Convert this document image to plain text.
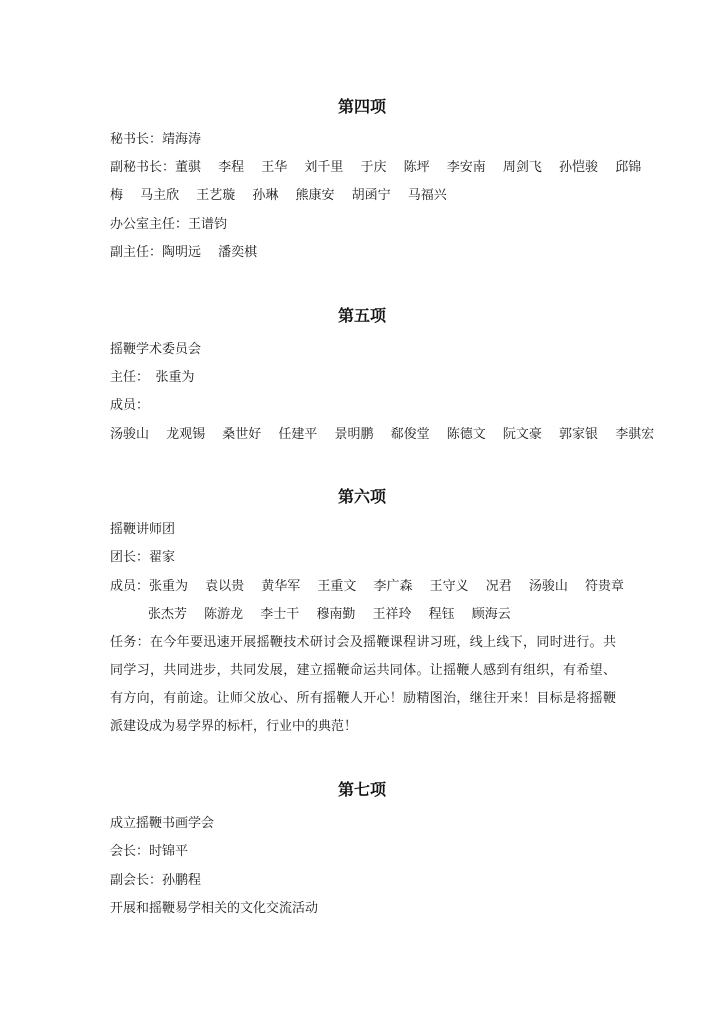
第四项
秘书长：靖海涛
副秘书长：董骐　 李程　 王华　 刘千里　 于庆　 陈坪　 李安南　 周剑飞　 孙恺骏　 邱锦
梅　 马主欣　 王艺璇　 孙琳　 熊康安　 胡函宁　 马福兴
办公室主任：王谱钧
副主任：陶明远　 潘奕棋
第五项
摇鞭学术委员会
主任：　张重为
成员：
汤骏山　 龙观锡　 桑世好　 任建平　 景明鹏　 郗俊堂　 陈德文　 阮文豪　 郭家银　 李骐宏
第六项
摇鞭讲师团
团长：翟家
成员：张重为　 袁以贵　 黄华军　 王重文　 李广森　 王守义　 况君　 汤骏山　 符贵章
张杰芳　 陈游龙　 李士干　 穆南勤　 王祥玲　 程钰　 顾海云
任务：在今年要迅速开展摇鞭技术研讨会及摇鞭课程讲习班，线上线下，同时进行。共同学习，共同进步，共同发展，建立摇鞭命运共同体。让摇鞭人感到有组织，有希望、有方向，有前途。让师父放心、所有摇鞭人开心！励精图治，继往开来！目标是将摇鞭派建设成为易学界的标杆，行业中的典范！
第七项
成立摇鞭书画学会
会长：时锦平
副会长：孙鹏程
开展和摇鞭易学相关的文化交流活动
